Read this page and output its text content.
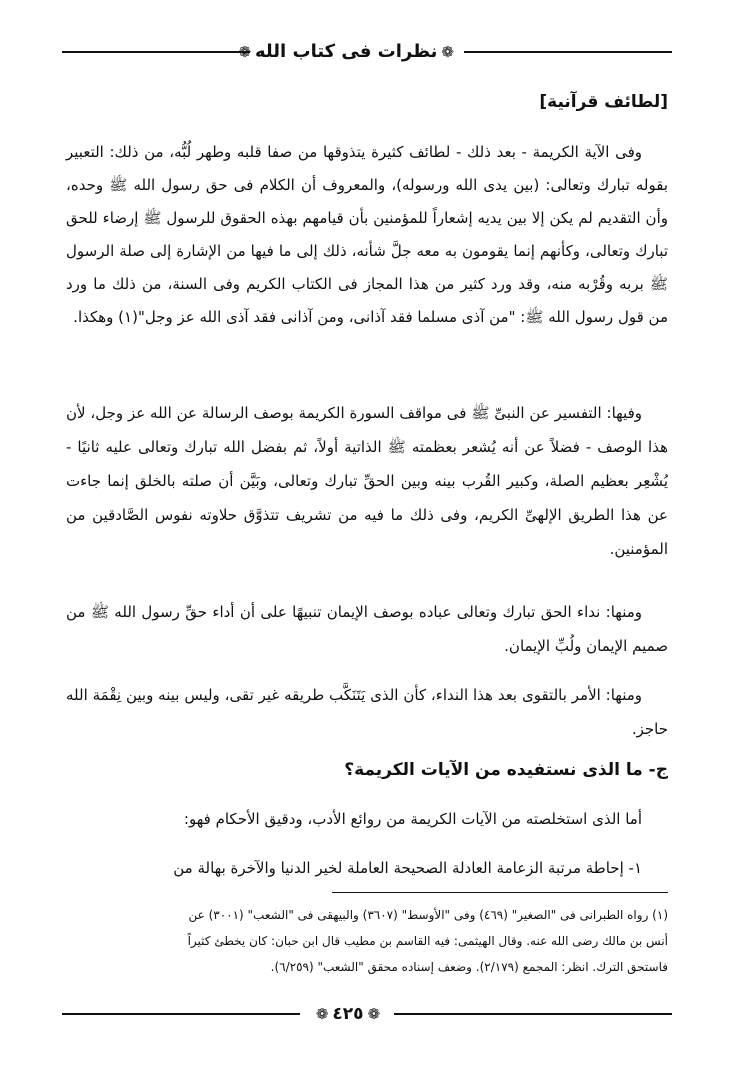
❁نظرات فى كتاب الله❁
[لطائف قرآنية]

وفى الآية الكريمة - بعد ذلك - لطائف كثيرة يتذوقها من صفا قلبه وطهر لُبُّه، من ذلك: التعبير بقوله تبارك وتعالى: (بين يدى الله ورسوله)، والمعروف أن الكلام فى حق رسول الله ﷺ وحده، وأن التقديم لم يكن إلا بين يديه إشعاراً للمؤمنين بأن قيامهم بهذه الحقوق للرسول ﷺ إرضاء للحق تبارك وتعالى، وكأنهم إنما يقومون به معه جلَّ شأنه، ذلك إلى ما فيها من الإشارة إلى صلة الرسول ﷺ بربه وقُرْبه منه، وقد ورد كثير من هذا المجاز فى الكتاب الكريم وفى السنة، من ذلك ما ورد من قول رسول الله ﷺ: "من آذى مسلما فقد آذانى، ومن آذانى فقد آذى الله عز وجل"(١) وهكذا.

وفيها: التفسير عن النبىِّ ﷺ فى مواقف السورة الكريمة بوصف الرسالة عن الله عز وجل، لأن هذا الوصف - فضلاً عن أنه يُشعر بعظمته ﷺ الذاتية أولاً، ثم بفضل الله تبارك وتعالى عليه ثانيًا - يُشْعِر بعظيم الصلة، وكبير القُرب بينه وبين الحقِّ تبارك وتعالى، وبَيَّن أن صلته بالخلق إنما جاءت عن هذا الطريق الإلهىِّ الكريم، وفى ذلك ما فيه من تشريف تتذوَّق حلاوته نفوس الصَّادقين من المؤمنين.

ومنها: نداء الحق تبارك وتعالى عباده بوصف الإيمان تنبيهًا على أن أداء حقِّ رسول الله ﷺ من صميم الإيمان ولُبِّ الإيمان.

ومنها: الأمر بالتقوى بعد هذا النداء، كأن الذى يَتَنَكَّب طريقه غير تقى، وليس بينه وبين نِقْمَة الله حاجز.

ج- ما الذى نستفيده من الآيات الكريمة؟

أما الذى استخلصته من الآيات الكريمة من روائع الأدب، ودقيق الأحكام فهو:

١- إحاطة مرتبة الزعامة العادلة الصحيحة العاملة لخير الدنيا والآخرة بهالة من

(١) رواه الطبرانى فى "الصغير" (٤٦٩) وفى "الأوسط" (٣٦٠٧) والبيهقى فى "الشعب" (٣٠٠١) عن

أنس بن مالك رضى الله عنه. وقال الهيثمى: فيه القاسم بن مطيب قال ابن حبان: كان يخطئ كثيراً

فاستحق الترك. انظر: المجمع (٢/١٧٩). وضعف إسناده محقق "الشعب" (٦/٢٥٩).

❁٤٢٥❁
